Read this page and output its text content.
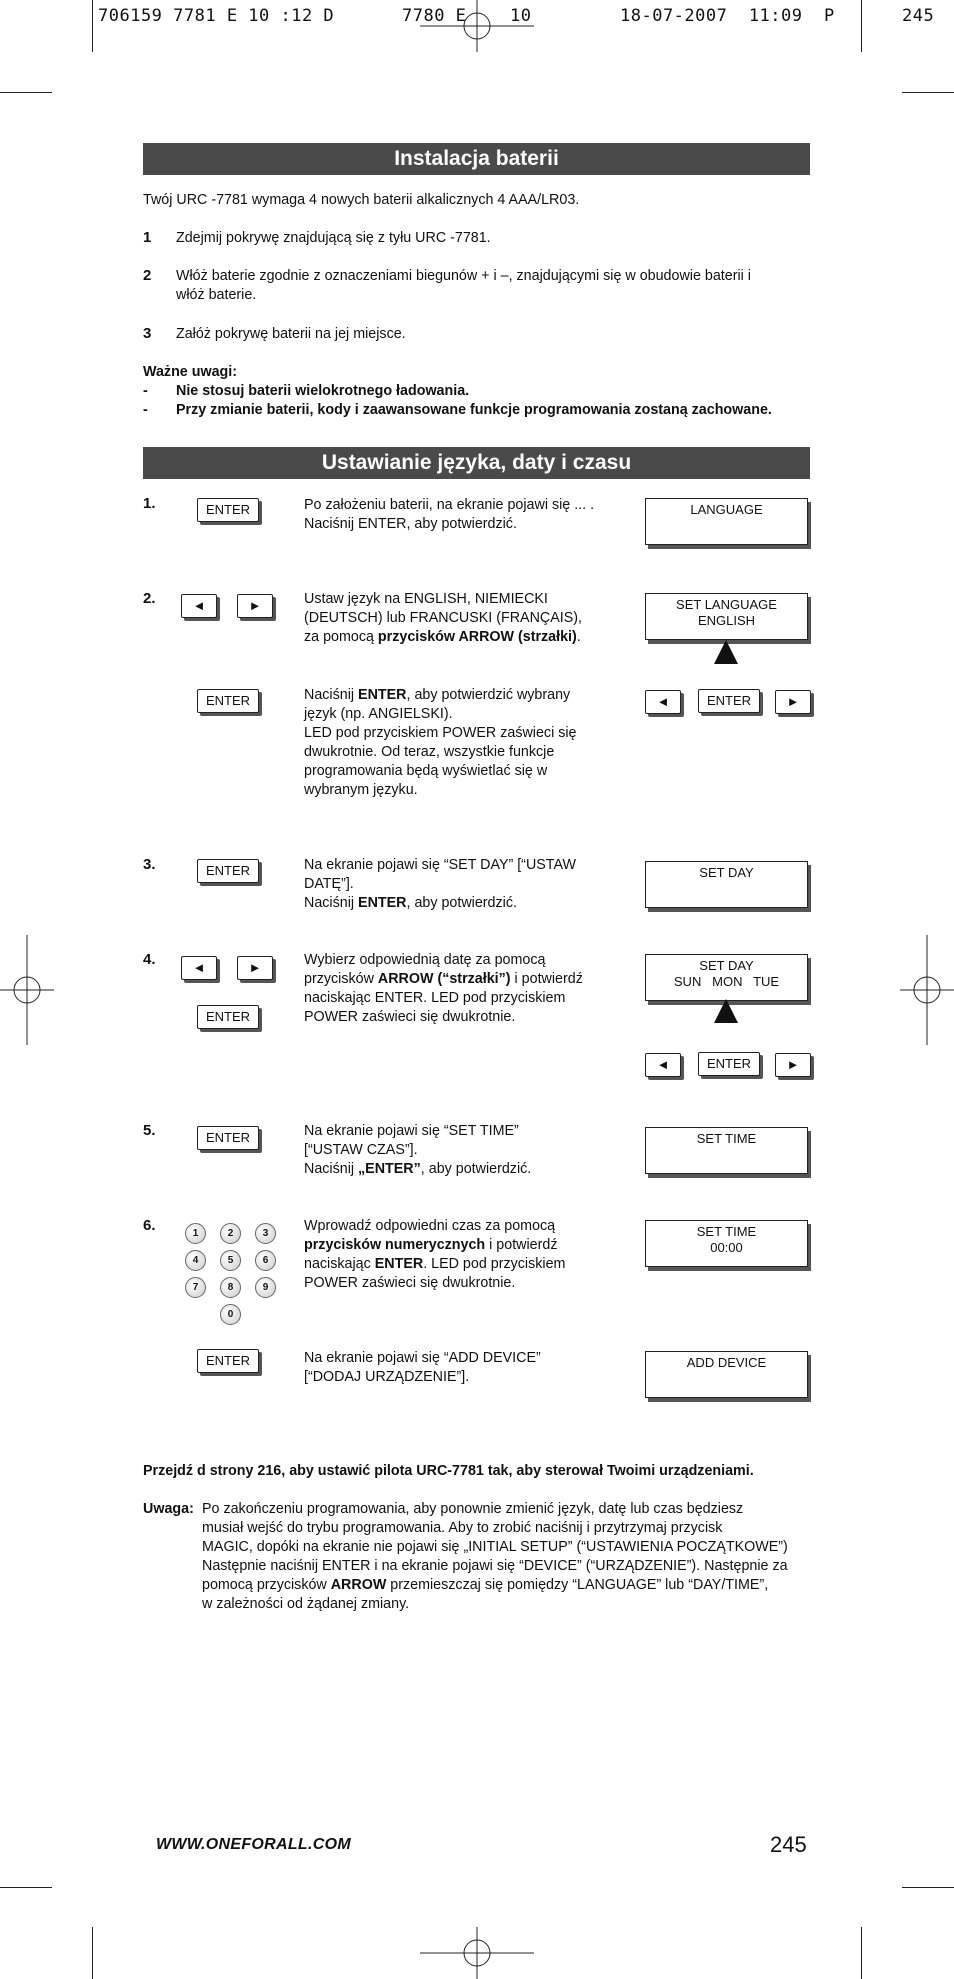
706159 7781 E 10 :12 D	7780 E	10	18-07-2007  11:09  P	245
Instalacja baterii
Twój URC -7781 wymaga 4 nowych baterii alkalicznych 4 AAA/LR03.
1 Zdejmij pokrywę znajdującą się z tyłu URC -7781.
2 Włóż baterie zgodnie z oznaczeniami biegunów + i –, znajdującymi się w obudowie baterii i
włóż baterie.
3 Załóż pokrywę baterii na jej miejsce.
Ważne uwagi:
- Nie stosuj baterii wielokrotnego ładowania.
- Przy zmianie baterii, kody i zaawansowane funkcje programowania zostaną zachowane.
Ustawianie języka, daty i czasu
1.	ENTER	Po założeniu baterii, na ekranie pojawi się ... .
Naciśnij ENTER, aby potwierdzić.
LANGUAGE
2.	◄	►	Ustaw język na ENGLISH, NIEMIECKI
(DEUTSCH) lub FRANCUSKI (FRANÇAIS),
za pomocą przycisków ARROW (strzałki).
SET LANGUAGE
ENGLISH
ENTER	Naciśnij ENTER, aby potwierdzić wybrany
język (np. ANGIELSKI).
LED pod przyciskiem POWER zaświeci się
dwukrotnie. Od teraz, wszystkie funkcje
programowania będą wyświetlać się w
wybranym języku.
◄	ENTER	►
3.	ENTER	Na ekranie pojawi się “SET DAY” [“USTAW
DATĘ”].
Naciśnij ENTER, aby potwierdzić.
SET DAY
4.	◄	►
ENTER
Wybierz odpowiednią datę za pomocą
przycisków ARROW (“strzałki”) i potwierdź
naciskając ENTER. LED pod przyciskiem
POWER zaświeci się dwukrotnie.
SET DAY
SUN   MON   TUE
◄	ENTER	►
5.	ENTER	Na ekranie pojawi się “SET TIME”
[“USTAW CZAS”].
Naciśnij „ENTER”, aby potwierdzić.
SET TIME
6.	1	2	3
4	5	6
7	8	9
0
Wprowadź odpowiedni czas za pomocą
przycisków numerycznych i potwierdź
naciskając ENTER. LED pod przyciskiem
POWER zaświeci się dwukrotnie.
SET TIME
00:00
ENTER	Na ekranie pojawi się “ADD DEVICE”
[“DODAJ URZĄDZENIE”].
ADD DEVICE
Przejdź d strony 216, aby ustawić pilota URC-7781 tak, aby sterował Twoimi urządzeniami.
Uwaga: Po zakończeniu programowania, aby ponownie zmienić język, datę lub czas będziesz
musiał wejść do trybu programowania. Aby to zrobić naciśnij i przytrzymaj przycisk
MAGIC, dopóki na ekranie nie pojawi się „INITIAL SETUP” (“USTAWIENIA POCZĄTKOWE”)
Następnie naciśnij ENTER i na ekranie pojawi się “DEVICE” (“URZĄDZENIE”). Następnie za
pomocą przycisków ARROW przemieszczaj się pomiędzy “LANGUAGE” lub “DAY/TIME”,
w zależności od żądanej zmiany.
WWW.ONEFORALL.COM	245
